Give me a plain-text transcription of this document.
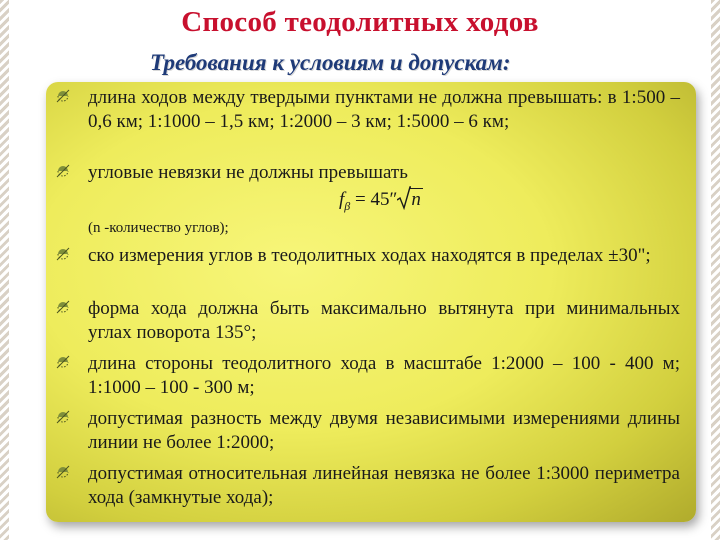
Способ теодолитных ходов
Требования к условиям и допускам:
длина ходов между твердыми пунктами не должна превышать: в 1:500 – 0,6 км; 1:1000 – 1,5 км; 1:2000 – 3 км; 1:5000 – 6 км;
угловые невязки не должны превышать
$f_\beta = 45''$ n
(n -количество углов);
ско измерения углов в теодолитных ходах находятся в пределах ±30";
форма хода должна быть максимально вытянута при минимальных углах поворота 135°;
длина стороны теодолитного хода в масштабе 1:2000 – 100 - 400 м; 1:1000 – 100 - 300 м;
допустимая разность между двумя независимыми измерениями длины линии не более 1:2000;
допустимая относительная линейная невязка не более 1:3000 периметра хода (замкнутые хода);
